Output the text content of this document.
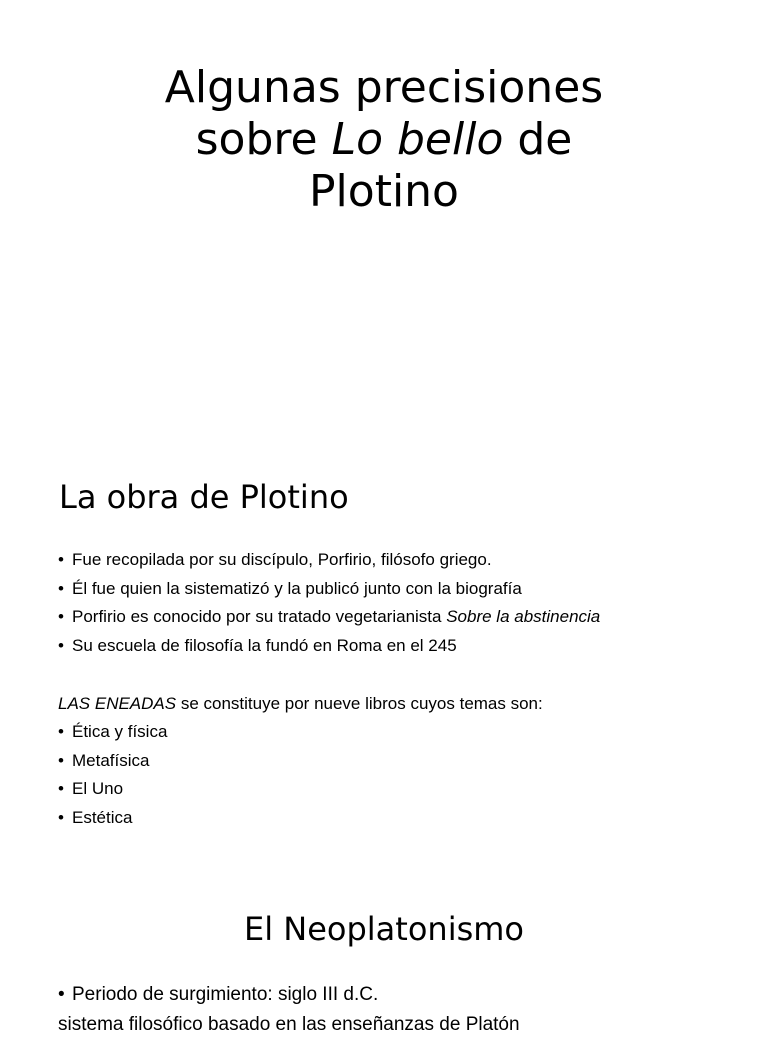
Algunas precisiones
sobre Lo bello de
Plotino
La obra de Plotino
• Fue recopilada por su discípulo, Porfirio, filósofo griego.
• Él fue quien la sistematizó y la publicó junto con la biografía
• Porfirio es conocido por su tratado vegetarianista Sobre la abstinencia
• Su escuela de filosofía la fundó en Roma en el 245
LAS ENEADAS se constituye por nueve libros cuyos temas son:
• Ética y física
• Metafísica
• El Uno
• Estética
El Neoplatonismo
• Periodo de surgimiento: siglo III d.C.
sistema filosófico basado en las enseñanzas de Platón
